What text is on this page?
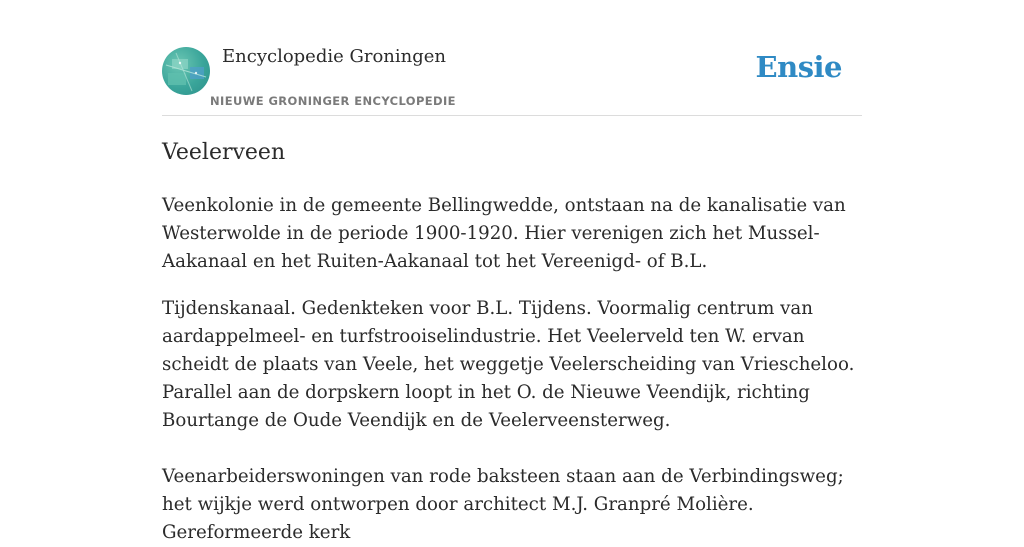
Encyclopedie Groningen
NIEUWE GRONINGER ENCYCLOPEDIE
Ensie
Veelerveen

Veenkolonie in de gemeente Bellingwedde, ontstaan na de kanalisatie van Westerwolde in de periode 1900-1920. Hier verenigen zich het Mussel-Aakanaal en het Ruiten-Aakanaal tot het Vereenigd- of B.L.

Tijdenskanaal. Gedenkteken voor B.L. Tijdens. Voormalig centrum van aardappelmeel- en turfstrooiselindustrie. Het Veelerveld ten W. ervan scheidt de plaats van Veele, het weggetje Veelerscheiding van Vriescheloo. Parallel aan de dorpskern loopt in het O. de Nieuwe Veendijk, richting Bourtange de Oude Veendijk en de Veelerveensterweg.

Veenarbeiderswoningen van rode baksteen staan aan de Verbindingsweg; het wijkje werd ontworpen door architect M.J. Granpré Molière. Gereformeerde kerk
